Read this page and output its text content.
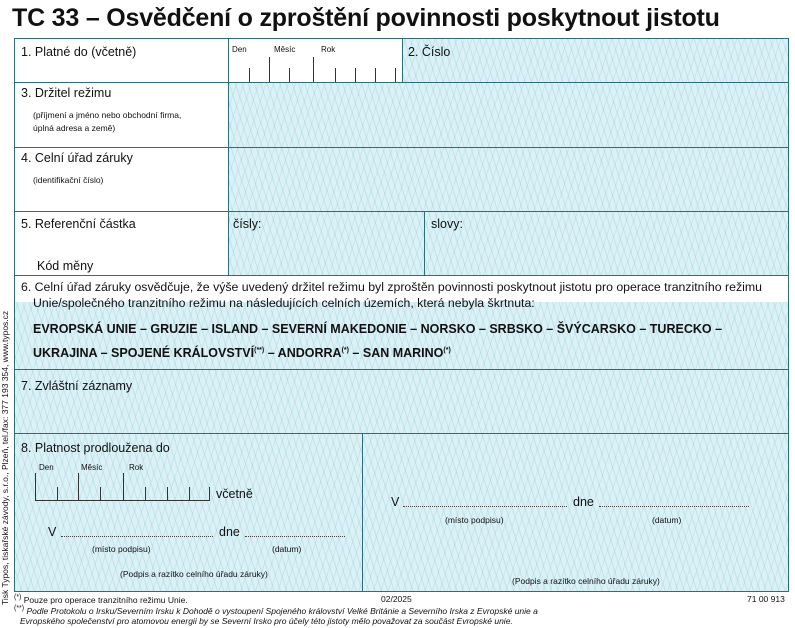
TC 33 – Osvědčení o zproštění povinnosti poskytnout jistotu
Tisk Typos, tiskařské závody, s.r.o., Plzeň, tel./fax: 377 193 354, www.typos.cz
1. Platné do (včetně)	Den	Měsíc	Rok	2. Číslo
3. Držitel režimu
(příjmení a jméno nebo obchodní firma,
úplná adresa a země)
4. Celní úřad záruky
(identifikační číslo)
5. Referenční částka
Kód měny
čísly:	slovy:
6. Celní úřad záruky osvědčuje, že výše uvedený držitel režimu byl zproštěn povinnosti poskytnout jistotu pro operace tranzitního režimu
Unie/společného tranzitního režimu na následujících celních územích, která nebyla škrtnuta:
EVROPSKÁ UNIE – GRUZIE – ISLAND – SEVERNÍ MAKEDONIE – NORSKO – SRBSKO – ŠVÝCARSKO – TURECKO –
UKRAJINA – SPOJENÉ KRÁLOVSTVÍ(**) – ANDORRA(*) – SAN MARINO(*)
7. Zvláštní záznamy
8. Platnost prodloužena do
Den	Měsíc	Rok
včetně
V	dne
(místo podpisu)	(datum)
(Podpis a razítko celního úřadu záruky)
V	dne
(místo podpisu)	(datum)
(Podpis a razítko celního úřadu záruky)
(*) Pouze pro operace tranzitního režimu Unie.	02/2025	71 00 913
(**) Podle Protokolu o Irsku/Severním Irsku k Dohodě o vystoupení Spojeného království Velké Británie a Severního Irska z Evropské unie a
Evropského společenství pro atomovou energii by se Severní Irsko pro účely této jistoty mělo považovat za součást Evropské unie.
